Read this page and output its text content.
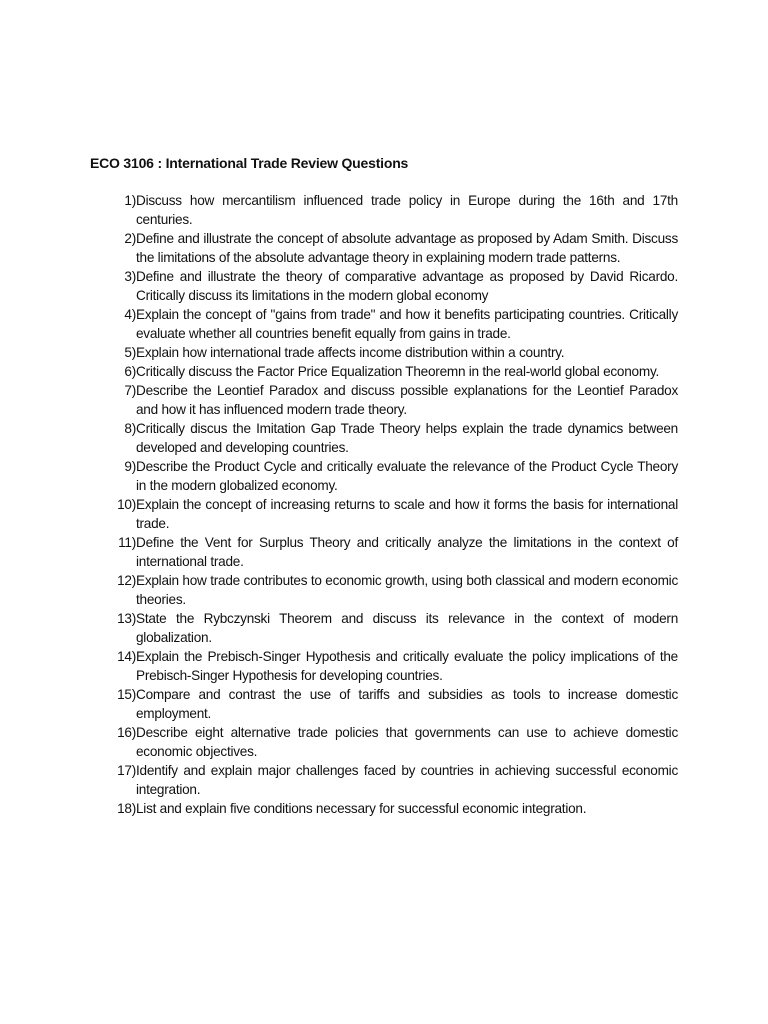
ECO 3106 : International Trade Review Questions
1) Discuss how mercantilism influenced trade policy in Europe during the 16th and 17th centuries.
2) Define and illustrate the concept of absolute advantage as proposed by Adam Smith. Discuss the limitations of the absolute advantage theory in explaining modern trade patterns.
3) Define and illustrate the theory of comparative advantage as proposed by David Ricardo. Critically discuss its limitations in the modern global economy
4) Explain the concept of "gains from trade" and how it benefits participating countries. Critically evaluate whether all countries benefit equally from gains in trade.
5) Explain how international trade affects income distribution within a country.
6) Critically discuss the Factor Price Equalization Theoremn in the real-world global economy.
7) Describe the Leontief Paradox and discuss possible explanations for the Leontief Paradox and how it has influenced modern trade theory.
8) Critically discus the Imitation Gap Trade Theory helps explain the trade dynamics between developed and developing countries.
9) Describe the Product Cycle and critically evaluate the relevance of the Product Cycle Theory in the modern globalized economy.
10) Explain the concept of increasing returns to scale and how it forms the basis for international trade.
11) Define the Vent for Surplus Theory and critically analyze the limitations in the context of international trade.
12) Explain how trade contributes to economic growth, using both classical and modern economic theories.
13) State the Rybczynski Theorem and discuss its relevance in the context of modern globalization.
14) Explain the Prebisch-Singer Hypothesis and critically evaluate the policy implications of the Prebisch-Singer Hypothesis for developing countries.
15) Compare and contrast the use of tariffs and subsidies as tools to increase domestic employment.
16) Describe eight alternative trade policies that governments can use to achieve domestic economic objectives.
17) Identify and explain major challenges faced by countries in achieving successful economic integration.
18) List and explain five conditions necessary for successful economic integration.
